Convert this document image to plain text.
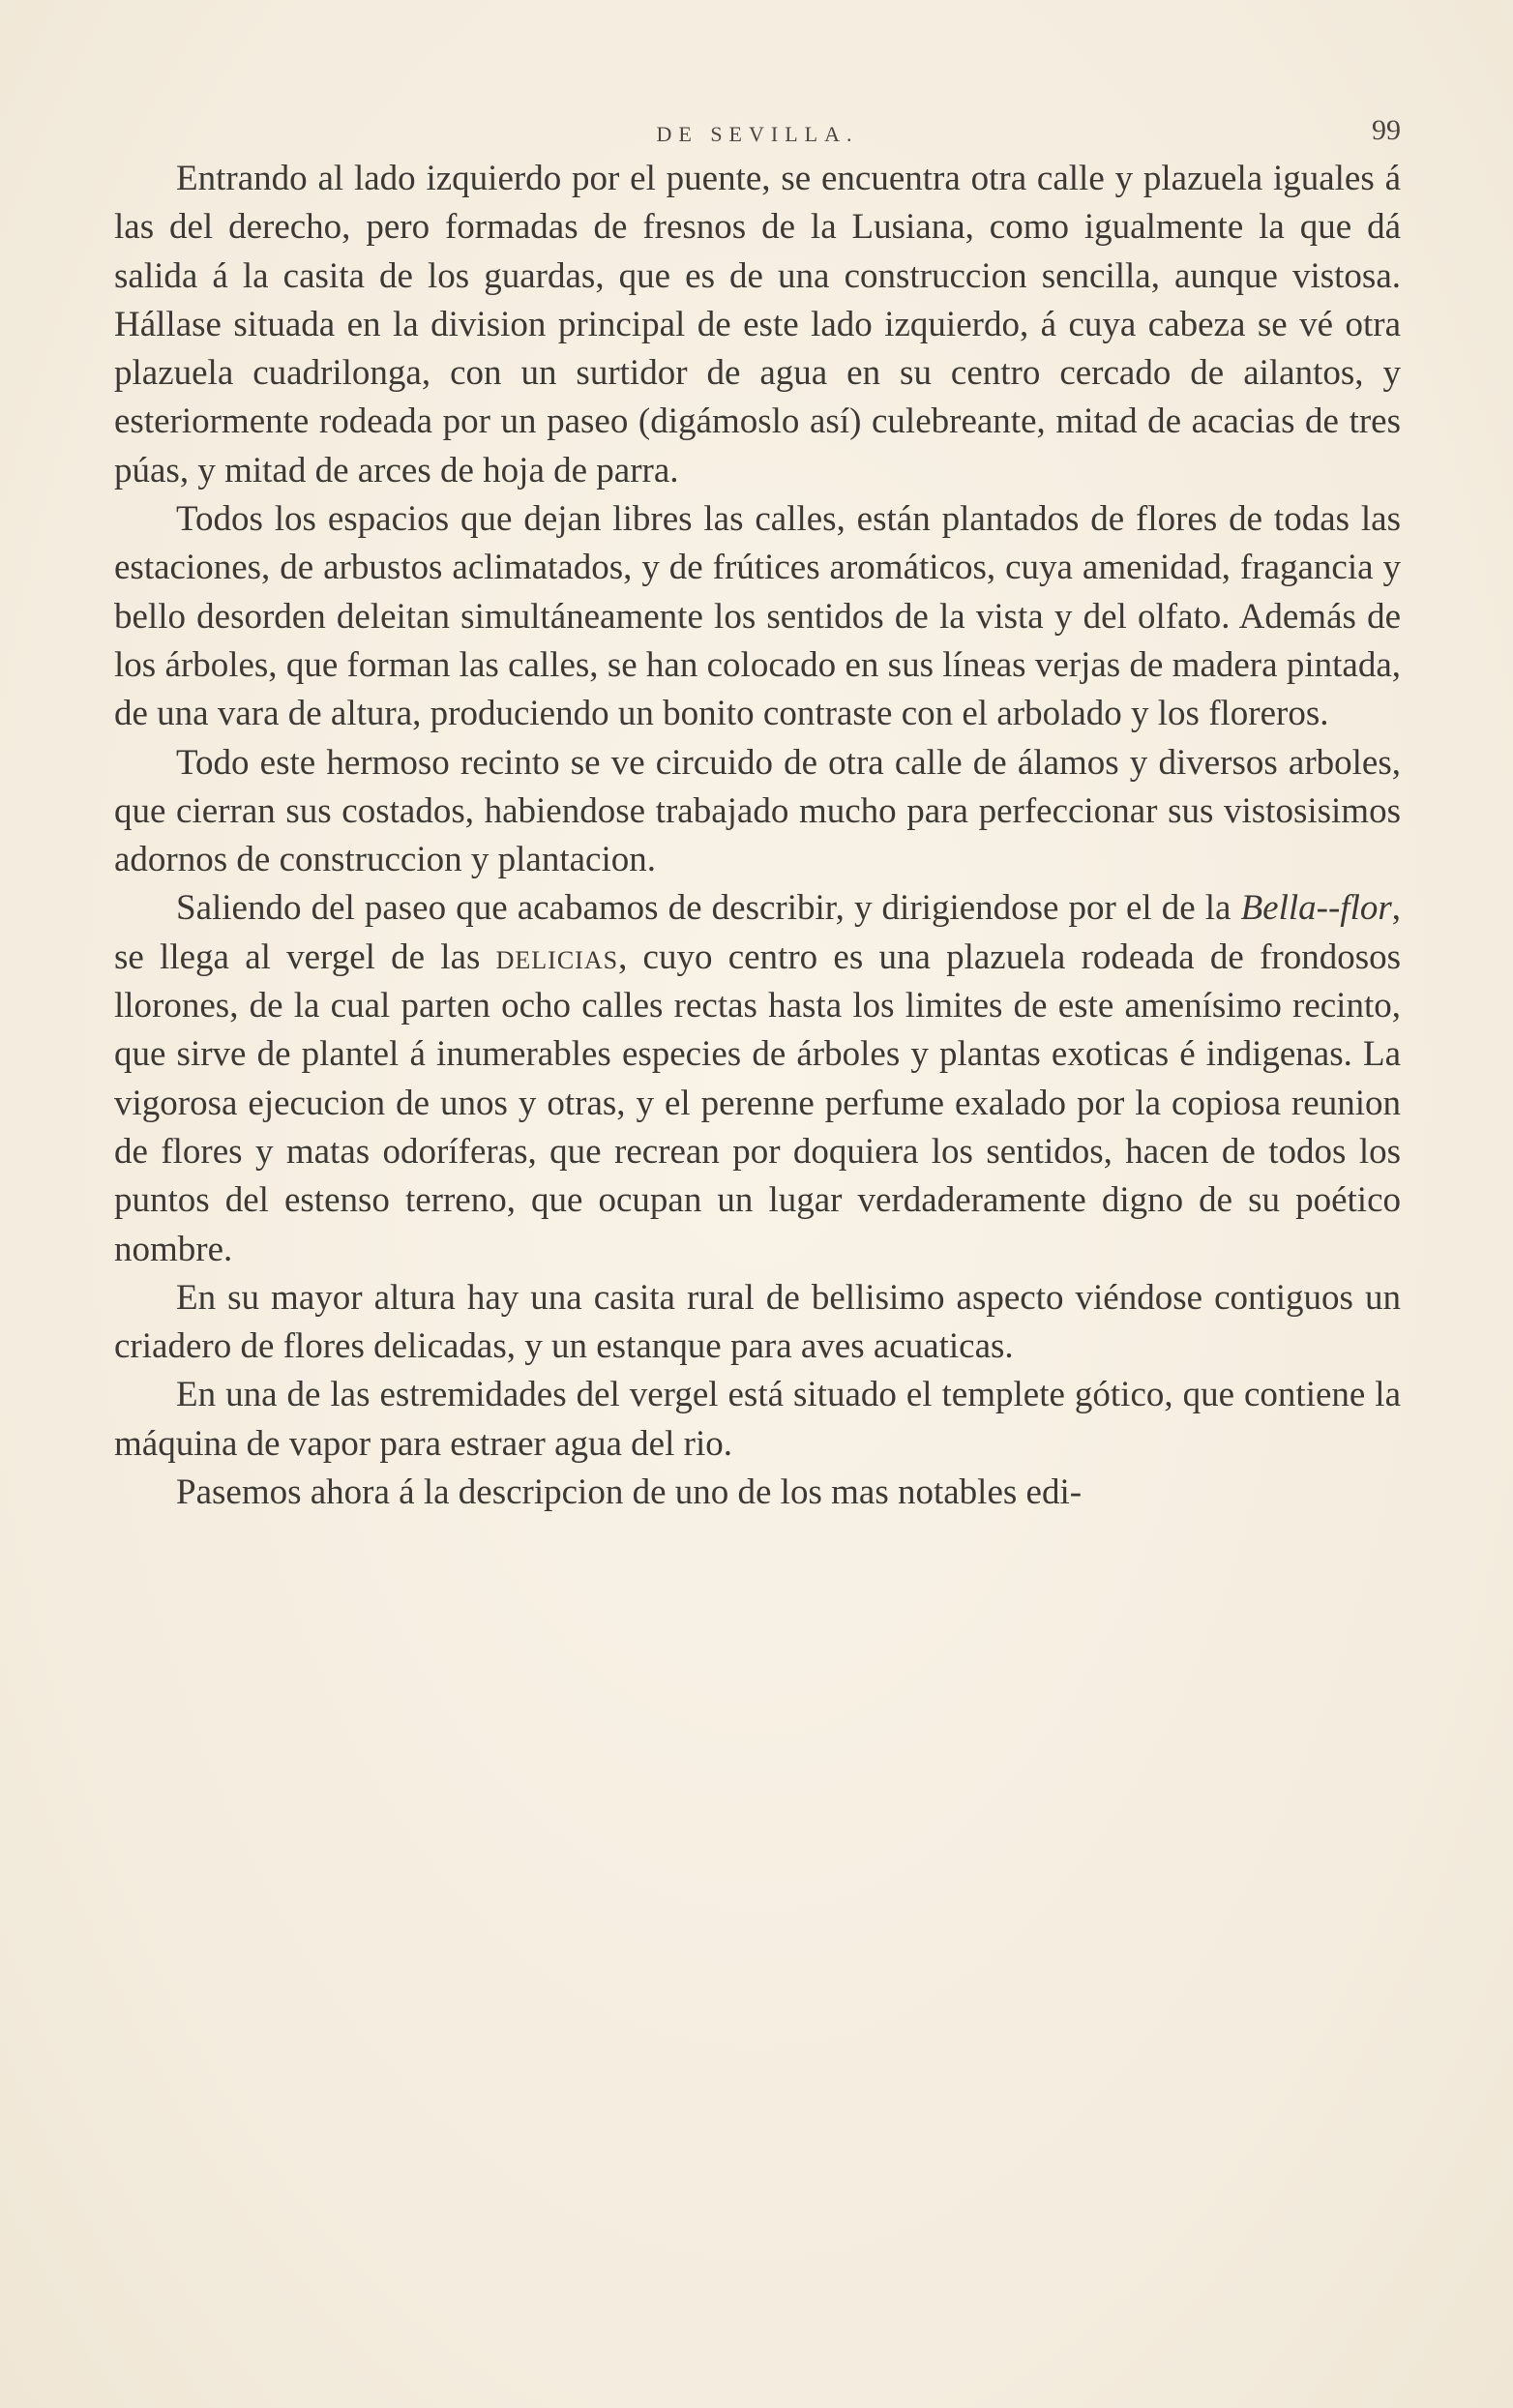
DE SEVILLA.	99

Entrando al lado izquierdo por el puente, se encuentra otra calle y plazuela iguales á las del derecho, pero formadas de fresnos de la Lusiana, como igualmente la que dá salida á la casita de los guardas, que es de una construccion sencilla, aunque vistosa. Hállase situada en la division principal de este lado izquierdo, á cuya cabeza se vé otra plazuela cuadrilonga, con un surtidor de agua en su centro cercado de ailantos, y esteriormente rodeada por un paseo (digámoslo así) culebreante, mitad de acacias de tres púas, y mitad de arces de hoja de parra.

Todos los espacios que dejan libres las calles, están plantados de flores de todas las estaciones, de arbustos aclimatados, y de frútices aromáticos, cuya amenidad, fragancia y bello desorden deleitan simultáneamente los sentidos de la vista y del olfato. Además de los árboles, que forman las calles, se han colocado en sus líneas verjas de madera pintada, de una vara de altura, produciendo un bonito contraste con el arbolado y los floreros.

Todo este hermoso recinto se ve circuido de otra calle de álamos y diversos arboles, que cierran sus costados, habiendose trabajado mucho para perfeccionar sus vistosisimos adornos de construccion y plantacion.

Saliendo del paseo que acabamos de describir, y dirigiendose por el de la Bella--flor, se llega al vergel de las delicias, cuyo centro es una plazuela rodeada de frondosos llorones, de la cual parten ocho calles rectas hasta los limites de este amenísimo recinto, que sirve de plantel á inumerables especies de árboles y plantas exoticas é indigenas. La vigorosa ejecucion de unos y otras, y el perenne perfume exalado por la copiosa reunion de flores y matas odoríferas, que recrean por doquiera los sentidos, hacen de todos los puntos del estenso terreno, que ocupan un lugar verdaderamente digno de su poético nombre.

En su mayor altura hay una casita rural de bellisimo aspecto viéndose contiguos un criadero de flores delicadas, y un estanque para aves acuaticas.

En una de las estremidades del vergel está situado el templete gótico, que contiene la máquina de vapor para estraer agua del rio.

Pasemos ahora á la descripcion de uno de los mas notables edi-
